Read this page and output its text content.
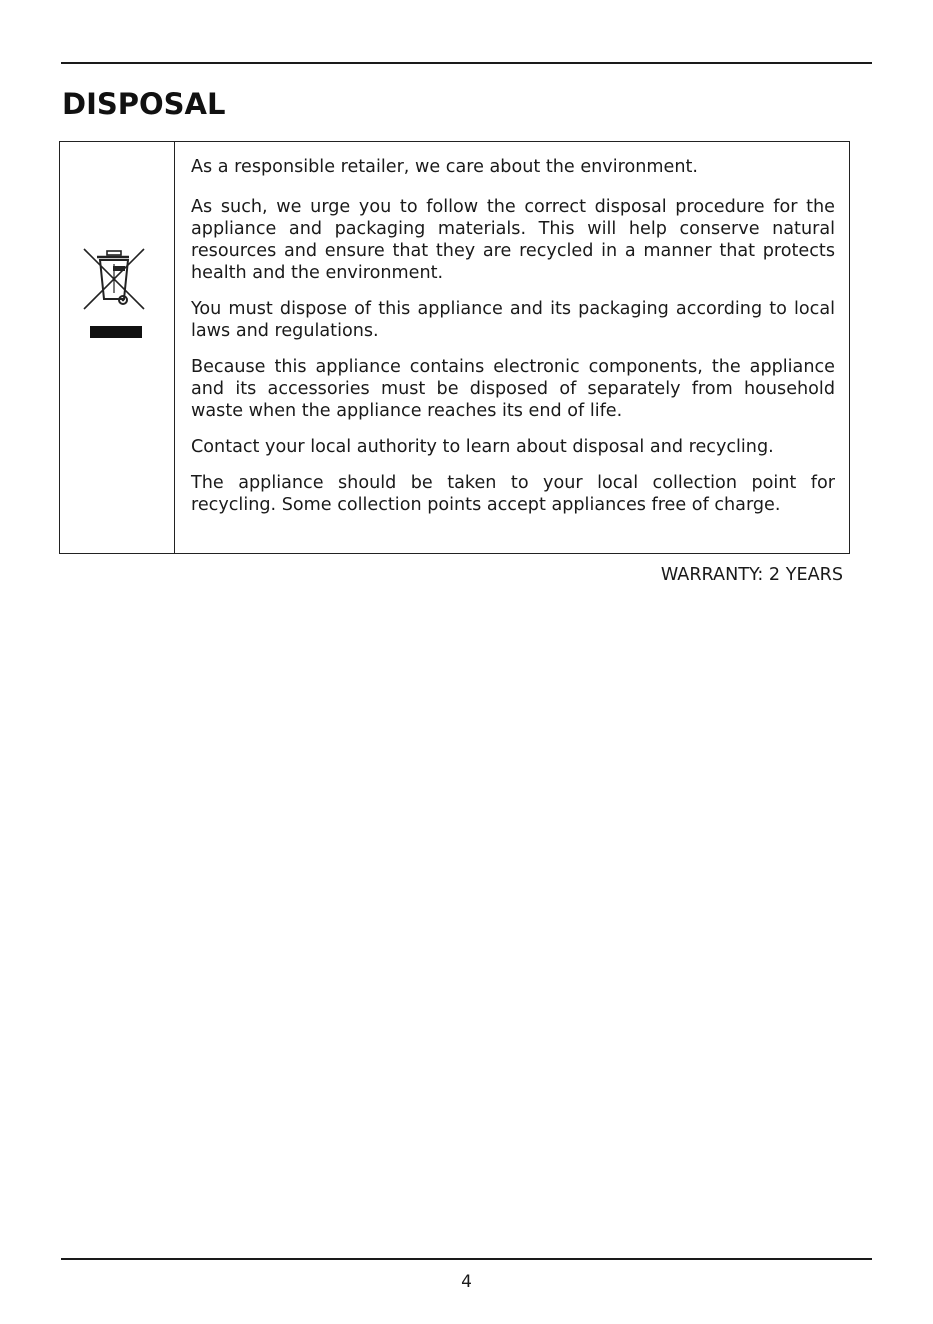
DISPOSAL

As a responsible retailer, we care about the environment.

As such, we urge you to follow the correct disposal procedure for the appliance and packaging materials. This will help conserve natural resources and ensure that they are recycled in a manner that protects health and the environment.

You must dispose of this appliance and its packaging according to local laws and regulations.

Because this appliance contains electronic components, the appliance and its accessories must be disposed of separately from household waste when the appliance reaches its end of life.

Contact your local authority to learn about disposal and recycling.

The appliance should be taken to your local collection point for recycling. Some collection points accept appliances free of charge.

WARRANTY: 2 YEARS
4
